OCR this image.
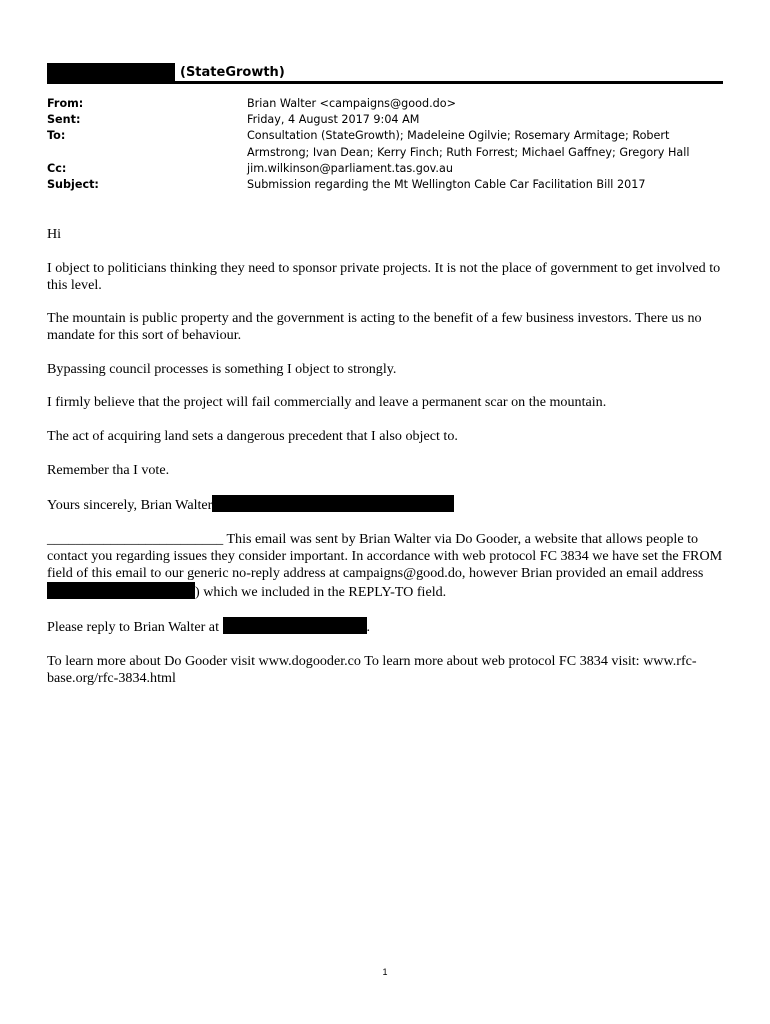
(StateGrowth)
From:	Brian Walter <campaigns@good.do>
Sent:	Friday, 4 August 2017 9:04 AM
To:	Consultation (StateGrowth); Madeleine Ogilvie; Rosemary Armitage; Robert Armstrong; Ivan Dean; Kerry Finch; Ruth Forrest; Michael Gaffney; Gregory Hall
Cc:	jim.wilkinson@parliament.tas.gov.au
Subject:	Submission regarding the Mt Wellington Cable Car Facilitation Bill 2017

Hi

I object to politicians thinking they need to sponsor private projects. It is not the place of government to get involved to this level.

The mountain is public property and the government is acting to the benefit of a few business investors. There us no mandate for this sort of behaviour.

Bypassing council processes is something I object to strongly.

I firmly believe that the project will fail commercially and leave a permanent scar on the mountain.

The act of acquiring land sets a dangerous precedent that I also object to.

Remember tha I vote.

Yours sincerely, Brian Walter

_________________________ This email was sent by Brian Walter via Do Gooder, a website that allows people to contact you regarding issues they consider important. In accordance with web protocol FC 3834 we have set the FROM field of this email to our generic no-reply address at campaigns@good.do, however Brian provided an email address ) which we included in the REPLY-TO field.

Please reply to Brian Walter at	.

To learn more about Do Gooder visit www.dogooder.co To learn more about web protocol FC 3834 visit: www.rfc-base.org/rfc-3834.html

1
